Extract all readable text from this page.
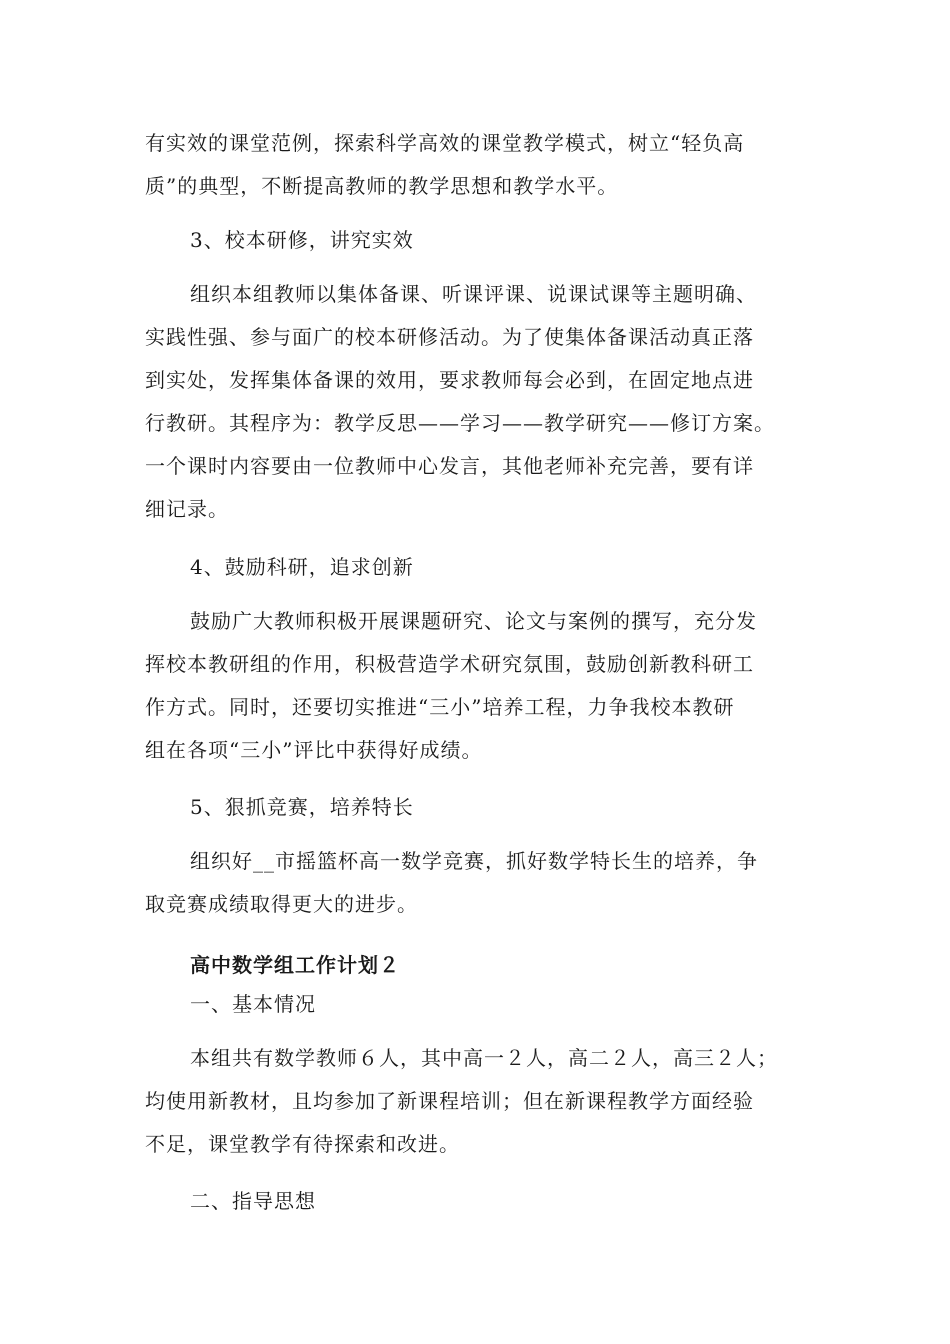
有实效的课堂范例，探索科学高效的课堂教学模式，树立“轻负高
质”的典型，不断提高教师的教学思想和教学水平。
3、校本研修，讲究实效
组织本组教师以集体备课、听课评课、说课试课等主题明确、
实践性强、参与面广的校本研修活动。为了使集体备课活动真正落
到实处，发挥集体备课的效用，要求教师每会必到，在固定地点进
行教研。其程序为：教学反思——学习——教学研究——修订方案。
一个课时内容要由一位教师中心发言，其他老师补充完善，要有详
细记录。
4、鼓励科研，追求创新
鼓励广大教师积极开展课题研究、论文与案例的撰写，充分发
挥校本教研组的作用，积极营造学术研究氛围，鼓励创新教科研工
作方式。同时，还要切实推进“三小”培养工程，力争我校本教研
组在各项“三小”评比中获得好成绩。
5、狠抓竞赛，培养特长
组织好__市摇篮杯高一数学竞赛，抓好数学特长生的培养，争
取竞赛成绩取得更大的进步。
高中数学组工作计划２
一、基本情况
本组共有数学教师６人，其中高一２人，高二２人，高三２人；
均使用新教材，且均参加了新课程培训；但在新课程教学方面经验
不足，课堂教学有待探索和改进。
二、指导思想
